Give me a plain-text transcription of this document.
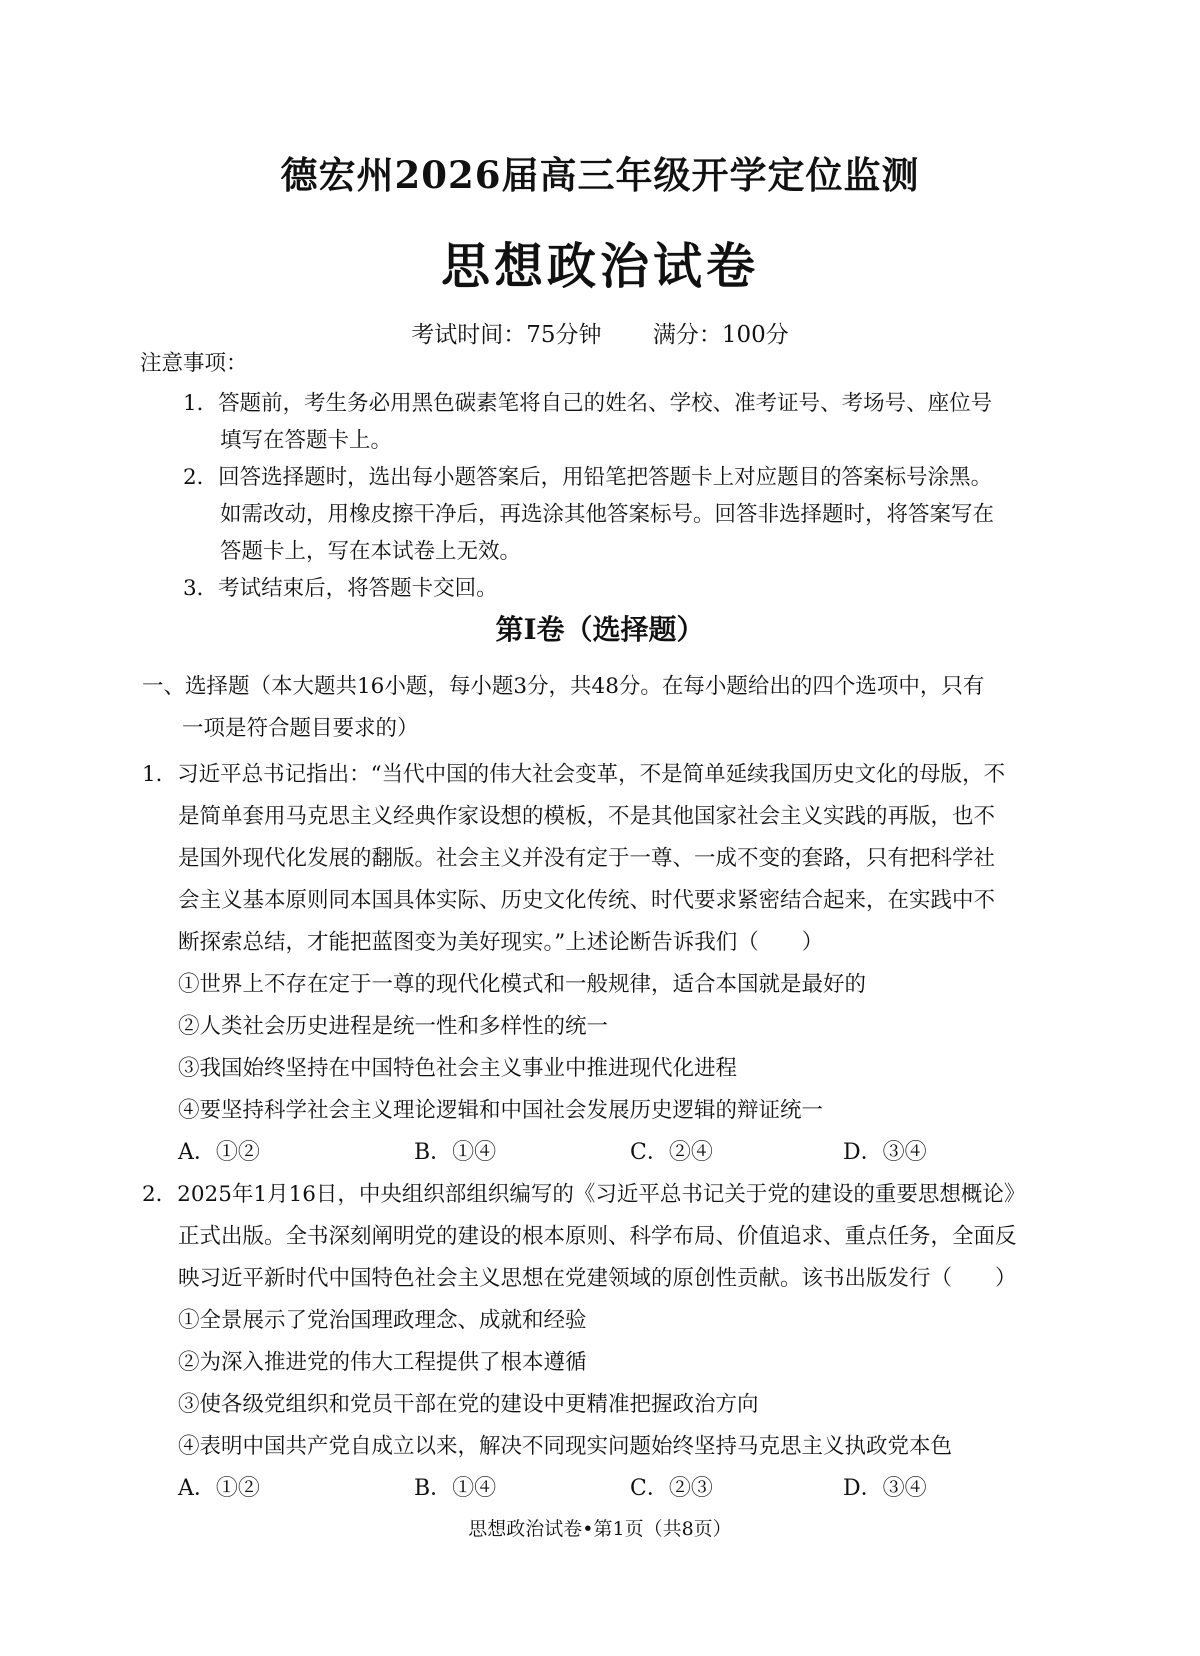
德宏州2026届高三年级开学定位监测
思想政治试卷
考试时间：75分钟 满分：100分
注意事项：
1．答题前，考生务必用黑色碳素笔将自己的姓名、学校、准考证号、考场号、座位号
填写在答题卡上。
2．回答选择题时，选出每小题答案后，用铅笔把答题卡上对应题目的答案标号涂黑。
如需改动，用橡皮擦干净后，再选涂其他答案标号。回答非选择题时，将答案写在
答题卡上，写在本试卷上无效。
3．考试结束后，将答题卡交回。
第Ⅰ卷（选择题）
一、选择题（本大题共16小题，每小题3分，共48分。在每小题给出的四个选项中，只有
一项是符合题目要求的）
1．习近平总书记指出：“当代中国的伟大社会变革，不是简单延续我国历史文化的母版，不
是简单套用马克思主义经典作家设想的模板，不是其他国家社会主义实践的再版，也不
是国外现代化发展的翻版。社会主义并没有定于一尊、一成不变的套路，只有把科学社
会主义基本原则同本国具体实际、历史文化传统、时代要求紧密结合起来，在实践中不
断探索总结，才能把蓝图变为美好现实。”上述论断告诉我们（　　）
①世界上不存在定于一尊的现代化模式和一般规律，适合本国就是最好的
②人类社会历史进程是统一性和多样性的统一
③我国始终坚持在中国特色社会主义事业中推进现代化进程
④要坚持科学社会主义理论逻辑和中国社会发展历史逻辑的辩证统一
A．①②	B．①④	C．②④	D．③④
2．2025年1月16日，中央组织部组织编写的《习近平总书记关于党的建设的重要思想概论》
正式出版。全书深刻阐明党的建设的根本原则、科学布局、价值追求、重点任务，全面反
映习近平新时代中国特色社会主义思想在党建领域的原创性贡献。该书出版发行（　　）
①全景展示了党治国理政理念、成就和经验
②为深入推进党的伟大工程提供了根本遵循
③使各级党组织和党员干部在党的建设中更精准把握政治方向
④表明中国共产党自成立以来，解决不同现实问题始终坚持马克思主义执政党本色
A．①②	B．①④	C．②③	D．③④
思想政治试卷•第1页（共8页）
